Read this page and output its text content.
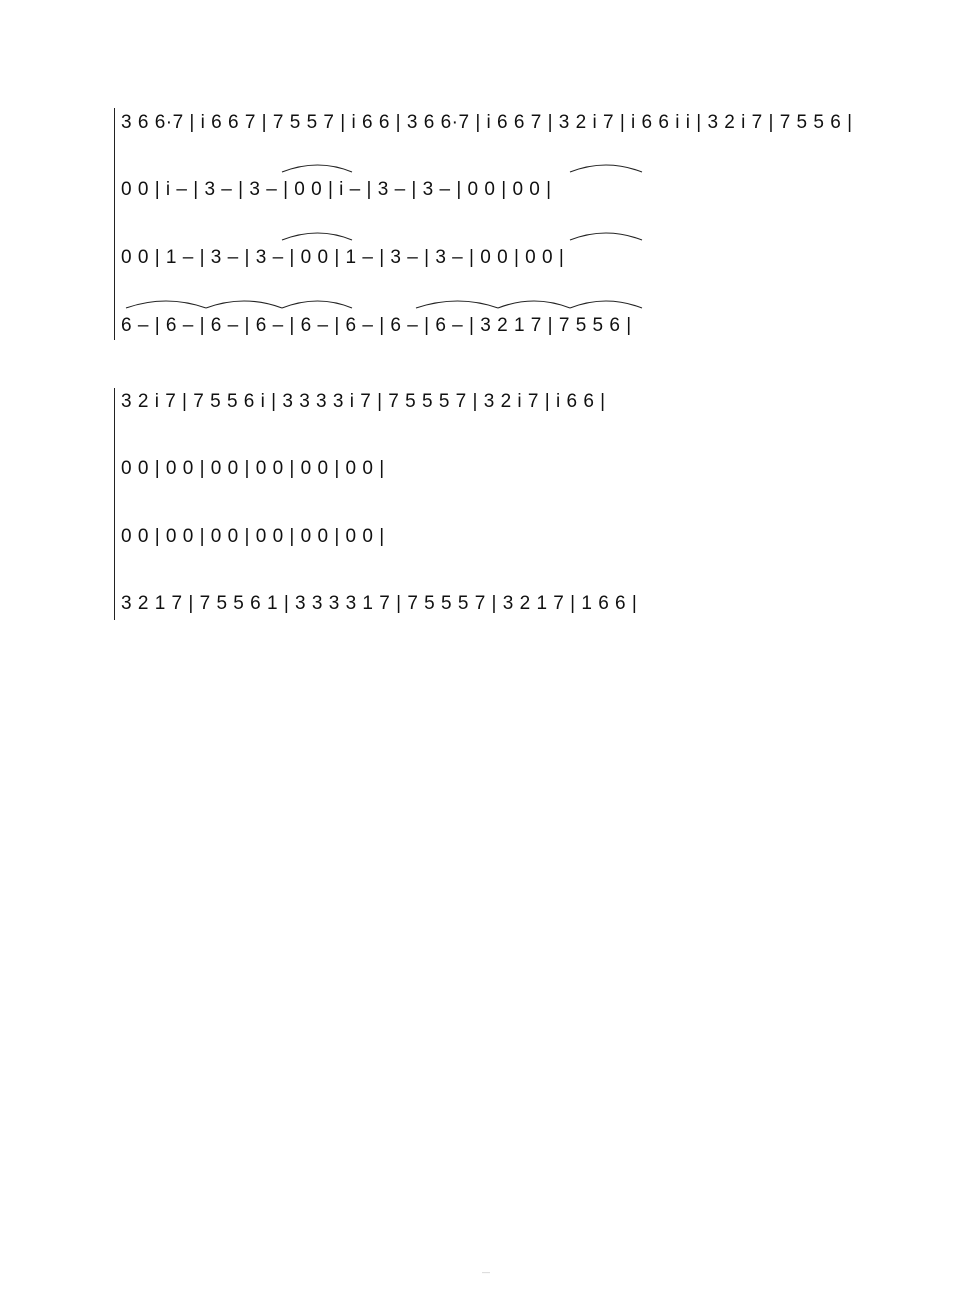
3 6 6·7 | i 6 6 7 | 7 5 5 7 | i 6 6 | 3 6 6·7 | i 6 6 7 | 3 2 i 7 | i 6 6 i i | 3 2 i 7 | 7 5 5 6 |
0 0 | i – | 3 – | 3 – | 0 0 | i – | 3 – | 3 – | 0 0 | 0 0 |
0 0 | 1 – | 3 – | 3 – | 0 0 | 1 – | 3 – | 3 – | 0 0 | 0 0 |
6 – | 6 – | 6 – | 6 – | 6 – | 6 – | 6 – | 6 – | 3 2 1 7 | 7 5 5 6 |
3 2 i 7 | 7 5 5 6 i | 3 3 3 3 i 7 | 7 5 5 5 7 | 3 2 i 7 | i 6 6 |
0 0 | 0 0 | 0 0 | 0 0 | 0 0 | 0 0 |
0 0 | 0 0 | 0 0 | 0 0 | 0 0 | 0 0 |
3 2 1 7 | 7 5 5 6 1 | 3 3 3 3 1 7 | 7 5 5 5 7 | 3 2 1 7 | 1 6 6 |
—
